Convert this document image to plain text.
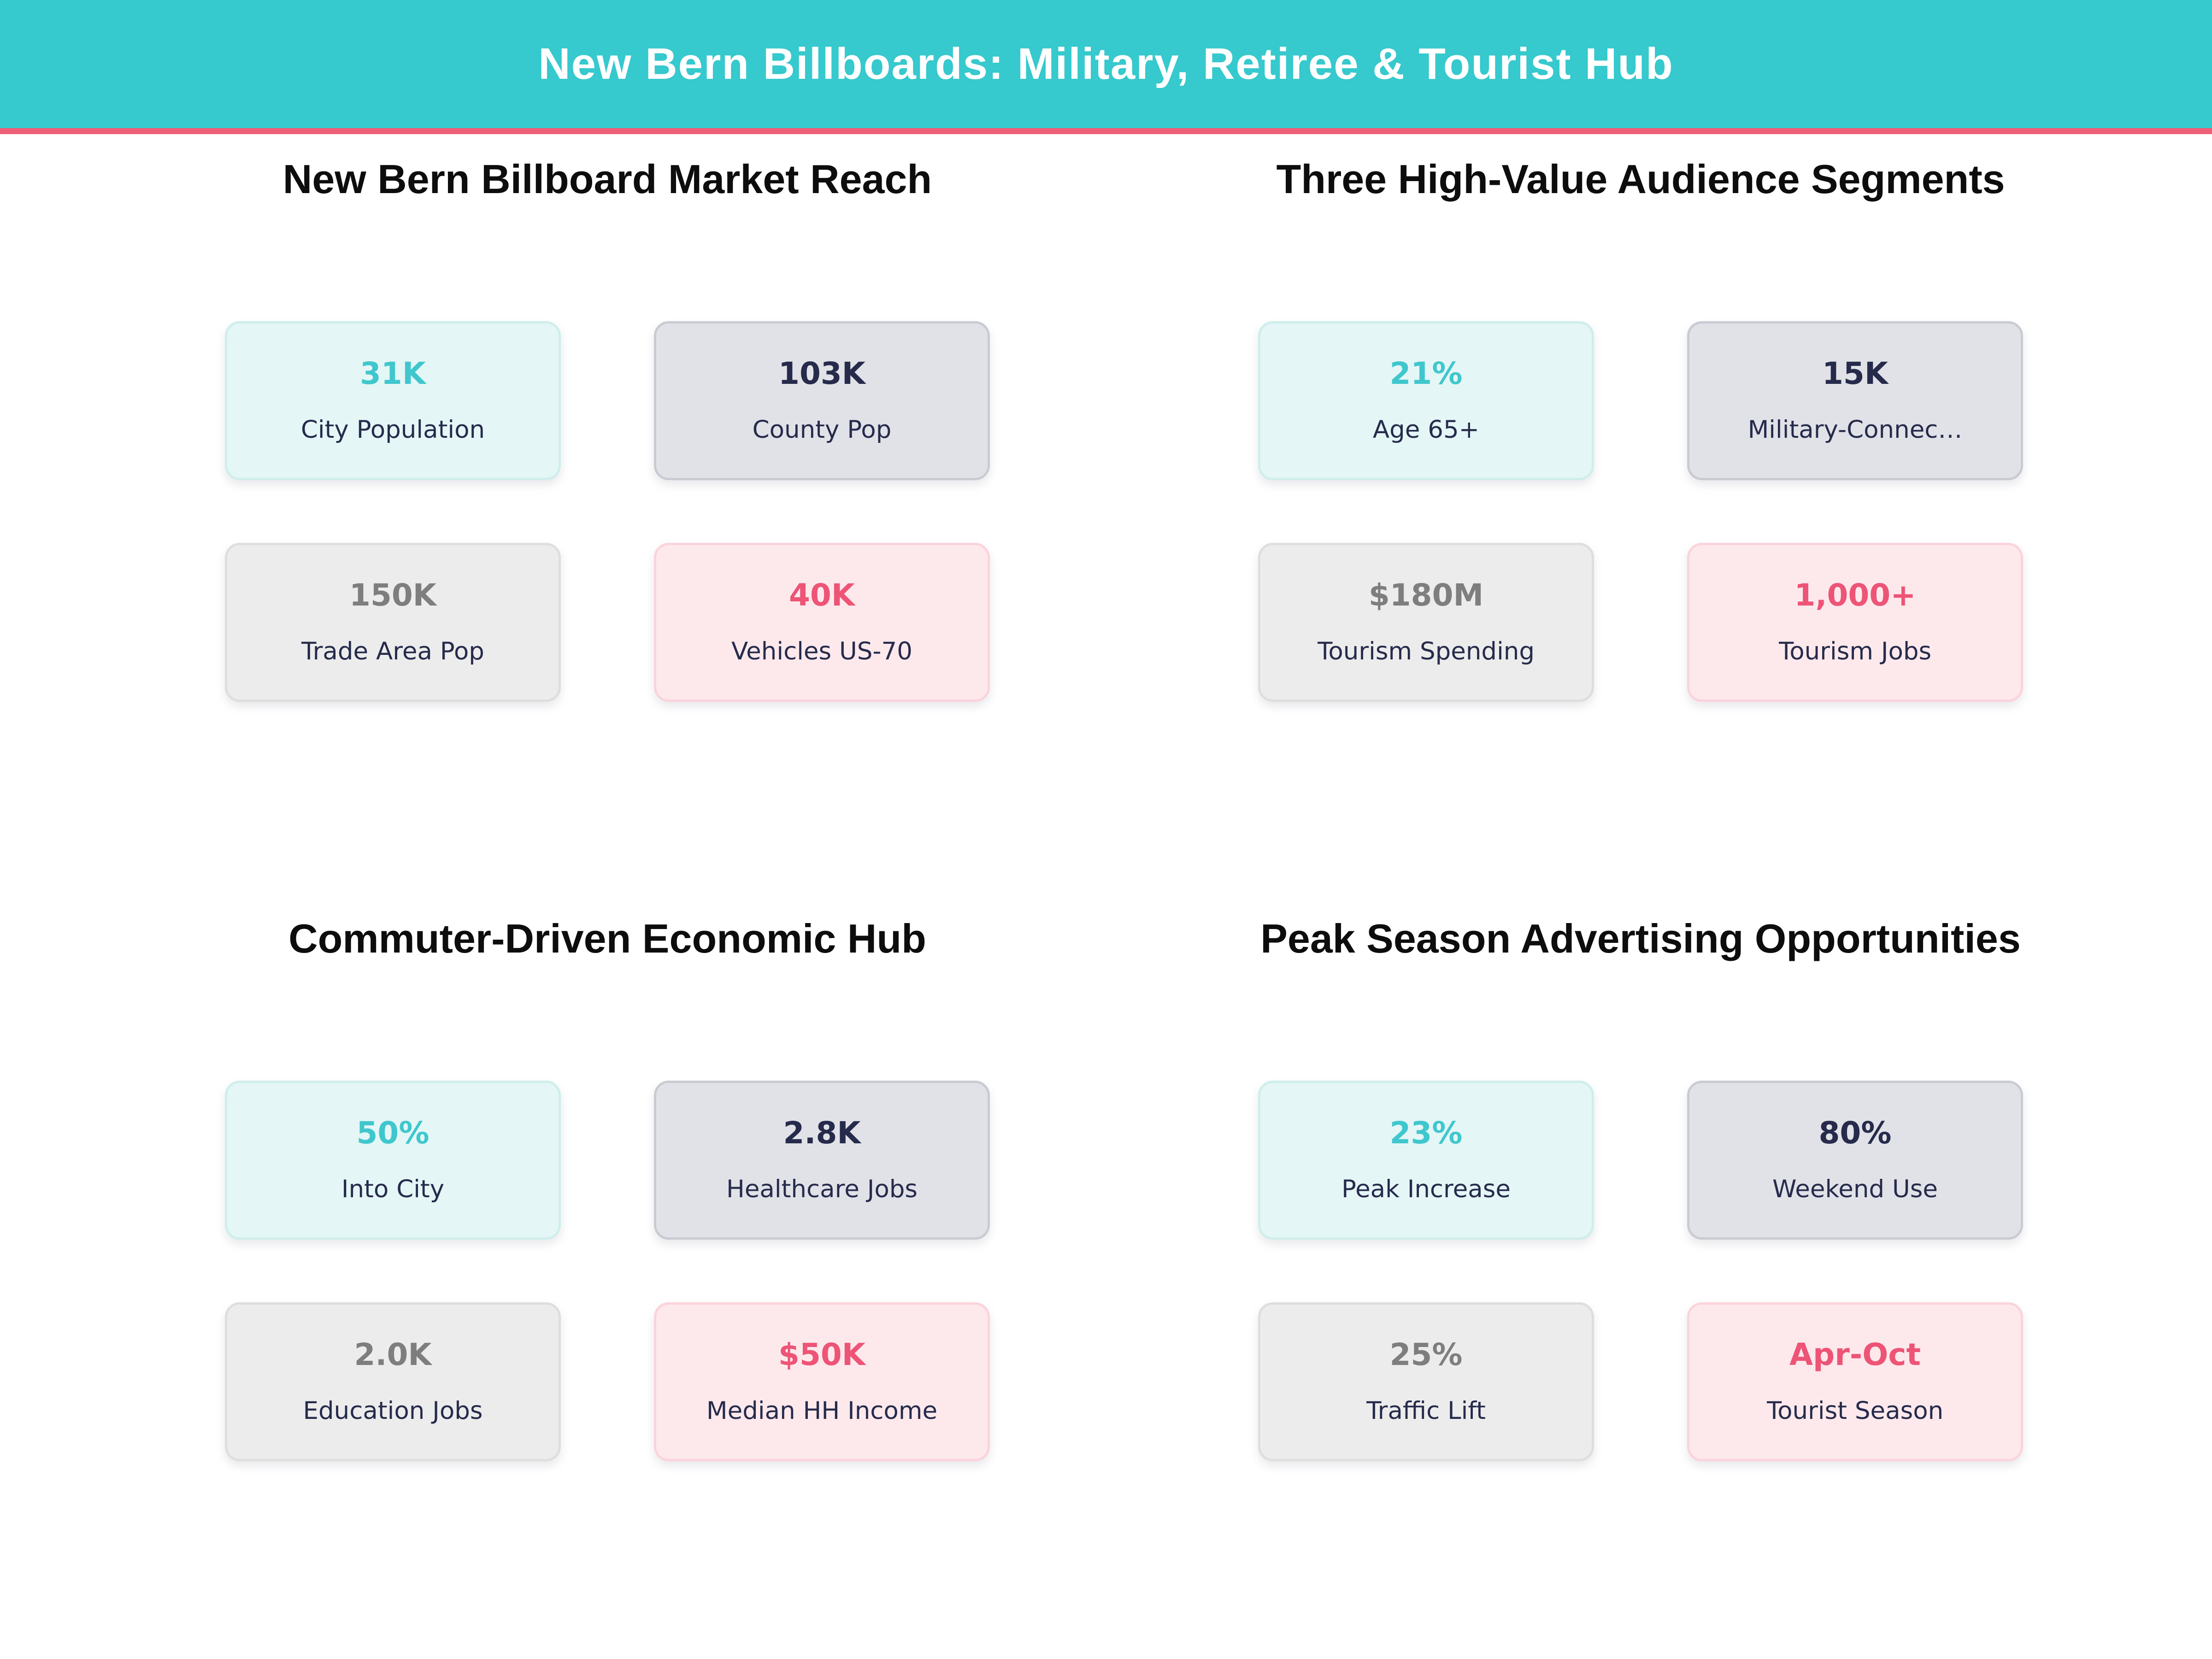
New Bern Billboards: Military, Retiree & Tourist Hub
New Bern Billboard Market Reach
31K
City Population
103K
County Pop
150K
Trade Area Pop
40K
Vehicles US-70
Three High-Value Audience Segments
21%
Age 65+
15K
Military-Connec…
$180M
Tourism Spending
1,000+
Tourism Jobs
Commuter-Driven Economic Hub
50%
Into City
2.8K
Healthcare Jobs
2.0K
Education Jobs
$50K
Median HH Income
Peak Season Advertising Opportunities
23%
Peak Increase
80%
Weekend Use
25%
Traffic Lift
Apr-Oct
Tourist Season
